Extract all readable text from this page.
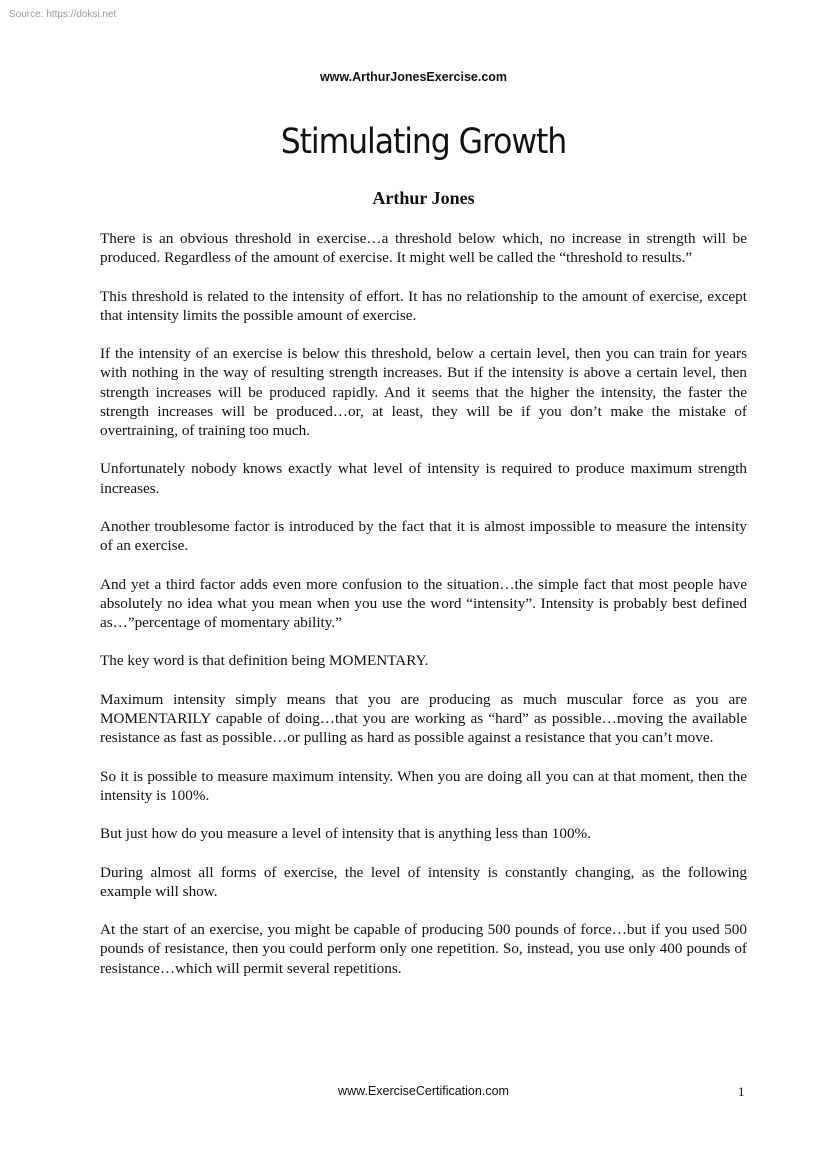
Source: https://doksi.net
www.ArthurJonesExercise.com
Stimulating Growth
Arthur Jones

There is an obvious threshold in exercise…a threshold below which, no increase in strength will be produced. Regardless of the amount of exercise. It might well be called the “threshold to results.”

This threshold is related to the intensity of effort. It has no relationship to the amount of exercise, except that intensity limits the possible amount of exercise.

If the intensity of an exercise is below this threshold, below a certain level, then you can train for years with nothing in the way of resulting strength increases. But if the intensity is above a certain level, then strength increases will be produced rapidly. And it seems that the higher the intensity, the faster the strength increases will be produced…or, at least, they will be if you don’t make the mistake of overtraining, of training too much.

Unfortunately nobody knows exactly what level of intensity is required to produce maximum strength increases.

Another troublesome factor is introduced by the fact that it is almost impossible to measure the intensity of an exercise.

And yet a third factor adds even more confusion to the situation…the simple fact that most people have absolutely no idea what you mean when you use the word “intensity”. Intensity is probably best defined as…”percentage of momentary ability.”

The key word is that definition being MOMENTARY.

Maximum intensity simply means that you are producing as much muscular force as you are MOMENTARILY capable of doing…that you are working as “hard” as possible…moving the available resistance as fast as possible…or pulling as hard as possible against a resistance that you can’t move.

So it is possible to measure maximum intensity. When you are doing all you can at that moment, then the intensity is 100%.

But just how do you measure a level of intensity that is anything less than 100%.

During almost all forms of exercise, the level of intensity is constantly changing, as the following example will show.

At the start of an exercise, you might be capable of producing 500 pounds of force…but if you used 500 pounds of resistance, then you could perform only one repetition. So, instead, you use only 400 pounds of resistance…which will permit several repetitions.

www.ExerciseCertification.com	1
